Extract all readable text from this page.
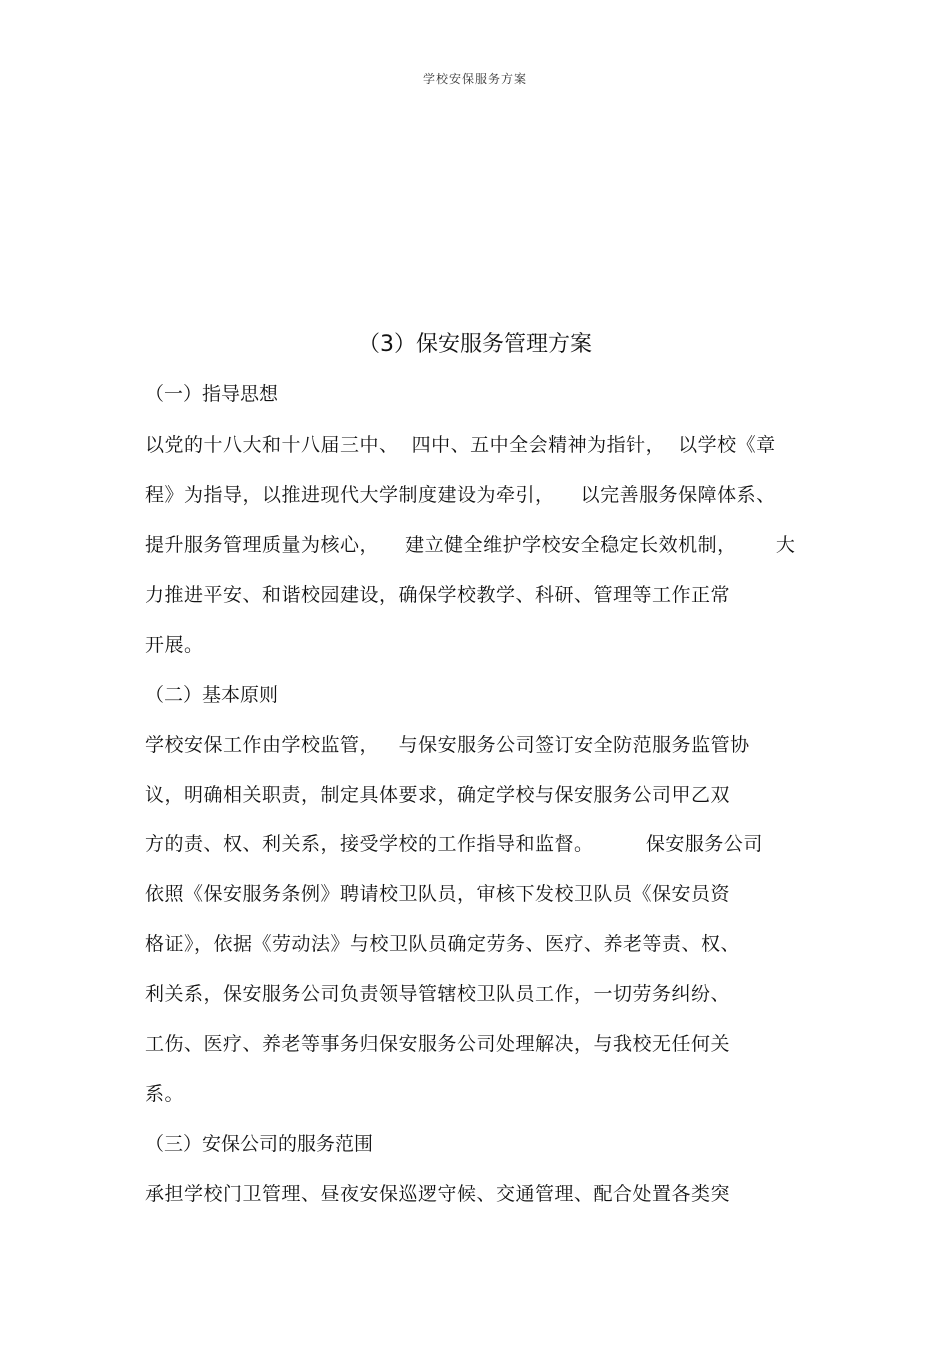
学校安保服务方案

（3）保安服务管理方案
（一）指导思想
以党的十八大和十八届三中、  四中、五中全会精神为指针，  以学校《章
程》为指导，以推进现代大学制度建设为牵引，    以完善服务保障体系、
提升服务管理质量为核心，    建立健全维护学校安全稳定长效机制，      大
力推进平安、和谐校园建设，确保学校教学、科研、管理等工作正常
开展。
（二）基本原则
学校安保工作由学校监管，   与保安服务公司签订安全防范服务监管协
议，明确相关职责，制定具体要求，确定学校与保安服务公司甲乙双
方的责、权、利关系，接受学校的工作指导和监督。        保安服务公司
依照《保安服务条例》聘请校卫队员，审核下发校卫队员《保安员资
格证》，依据《劳动法》与校卫队员确定劳务、医疗、养老等责、权、
利关系，保安服务公司负责领导管辖校卫队员工作，一切劳务纠纷、
工伤、医疗、养老等事务归保安服务公司处理解决，与我校无任何关
系。
（三）安保公司的服务范围
承担学校门卫管理、昼夜安保巡逻守候、交通管理、配合处置各类突
